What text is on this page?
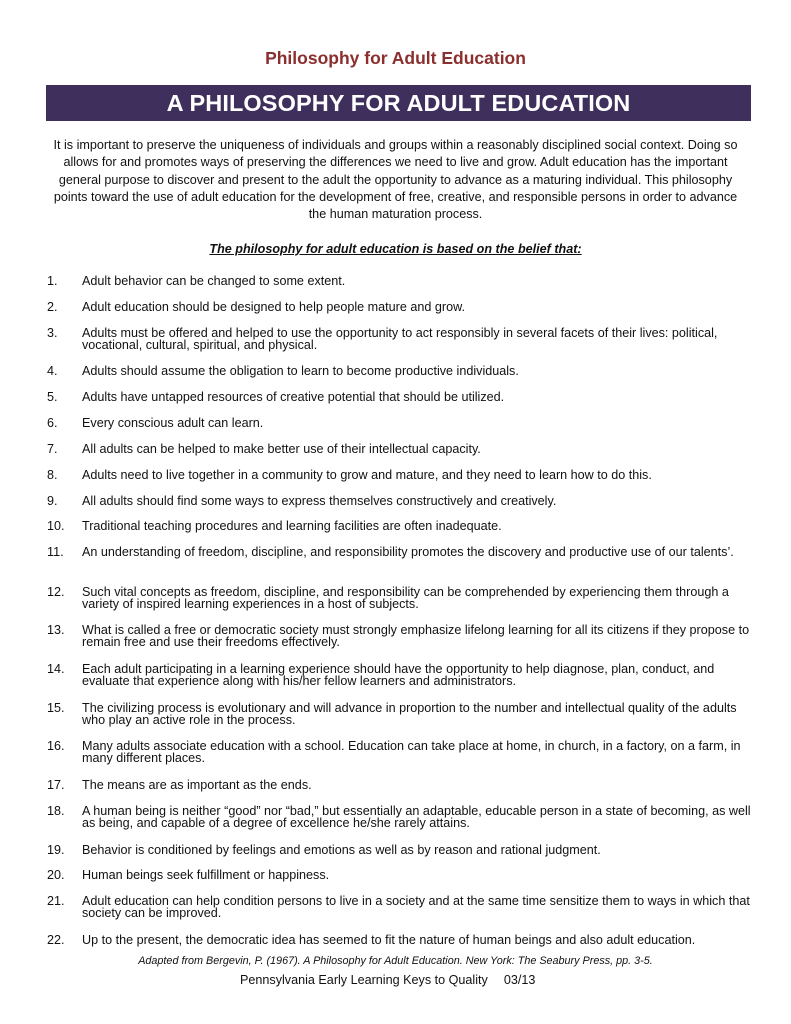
Philosophy for Adult Education
A PHILOSOPHY FOR ADULT EDUCATION

It is important to preserve the uniqueness of individuals and groups within a reasonably disciplined social context. Doing so allows for and promotes ways of preserving the differences we need to live and grow. Adult education has the important general purpose to discover and present to the adult the opportunity to advance as a maturing individual. This philosophy points toward the use of adult education for the development of free, creative, and responsible persons in order to advance the human maturation process.

The philosophy for adult education is based on the belief that:
1. Adult behavior can be changed to some extent.
2. Adult education should be designed to help people mature and grow.
3. Adults must be offered and helped to use the opportunity to act responsibly in several facets of their lives: political, vocational, cultural, spiritual, and physical.
4. Adults should assume the obligation to learn to become productive individuals.
5. Adults have untapped resources of creative potential that should be utilized.
6. Every conscious adult can learn.
7. All adults can be helped to make better use of their intellectual capacity.
8. Adults need to live together in a community to grow and mature, and they need to learn how to do this.
9. All adults should find some ways to express themselves constructively and creatively.
10. Traditional teaching procedures and learning facilities are often inadequate.
11. An understanding of freedom, discipline, and responsibility promotes the discovery and productive use of our talents’.
12. Such vital concepts as freedom, discipline, and responsibility can be comprehended by experiencing them through a variety of inspired learning experiences in a host of subjects.
13. What is called a free or democratic society must strongly emphasize lifelong learning for all its citizens if they propose to remain free and use their freedoms effectively.
14. Each adult participating in a learning experience should have the opportunity to help diagnose, plan, conduct, and evaluate that experience along with his/her fellow learners and administrators.
15. The civilizing process is evolutionary and will advance in proportion to the number and intellectual quality of the adults who play an active role in the process.
16. Many adults associate education with a school. Education can take place at home, in church, in a factory, on a farm, in many different places.
17. The means are as important as the ends.
18. A human being is neither “good” nor “bad,” but essentially an adaptable, educable person in a state of becoming, as well as being, and capable of a degree of excellence he/she rarely attains.
19. Behavior is conditioned by feelings and emotions as well as by reason and rational judgment.
20. Human beings seek fulfillment or happiness.
21. Adult education can help condition persons to live in a society and at the same time sensitize them to ways in which that society can be improved.
22. Up to the present, the democratic idea has seemed to fit the nature of human beings and also adult education.
Adapted from Bergevin, P. (1967). A Philosophy for Adult Education. New York: The Seabury Press, pp. 3-5.
Pennsylvania Early Learning Keys to Quality 03/13
